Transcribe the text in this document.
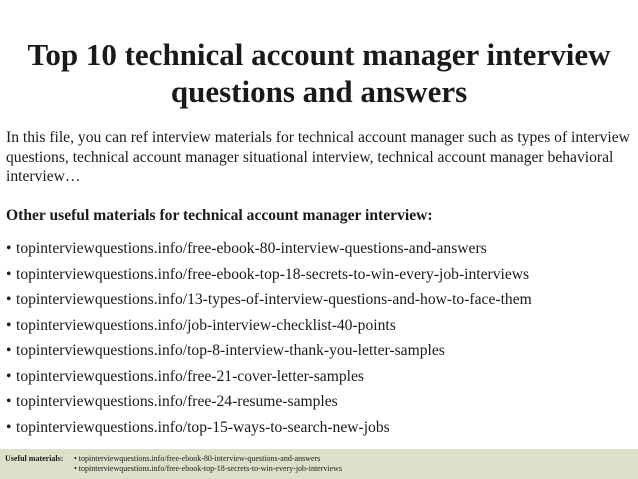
Top 10 technical account manager interview
questions and answers
In this file, you can ref interview materials for technical account manager such as types of interview questions, technical account manager situational interview, technical account manager behavioral interview…
Other useful materials for technical account manager interview:
• topinterviewquestions.info/free-ebook-80-interview-questions-and-answers
• topinterviewquestions.info/free-ebook-top-18-secrets-to-win-every-job-interviews
• topinterviewquestions.info/13-types-of-interview-questions-and-how-to-face-them
• topinterviewquestions.info/job-interview-checklist-40-points
• topinterviewquestions.info/top-8-interview-thank-you-letter-samples
• topinterviewquestions.info/free-21-cover-letter-samples
• topinterviewquestions.info/free-24-resume-samples
• topinterviewquestions.info/top-15-ways-to-search-new-jobs
Useful materials: • topinterviewquestions.info/free-ebook-80-interview-questions-and-answers
• topinterviewquestions.info/free-ebook-top-18-secrets-to-win-every-job-interviews
